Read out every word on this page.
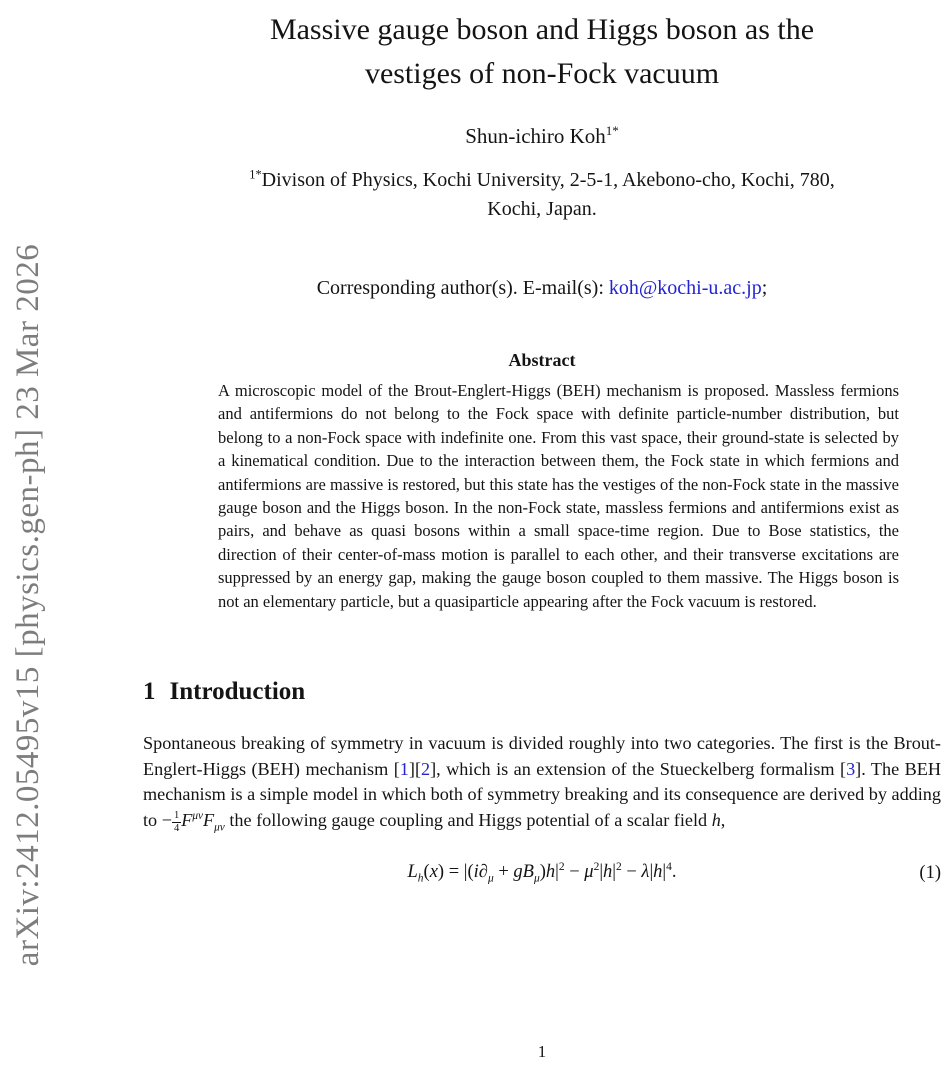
arXiv:2412.05495v15 [physics.gen-ph] 23 Mar 2026
Massive gauge boson and Higgs boson as the
vestiges of non-Fock vacuum
Shun-ichiro Koh$^{1*}$
$^{1*}$Divison of Physics, Kochi University, 2-5-1, Akebono-cho, Kochi, 780,
Kochi, Japan.
Corresponding author(s). E-mail(s): koh@kochi-u.ac.jp;
Abstract
A microscopic model of the Brout-Englert-Higgs (BEH) mechanism is proposed. Massless fermions and antifermions do not belong to the Fock space with definite particle-number distribution, but belong to a non-Fock space with indefinite one. From this vast space, their ground-state is selected by a kinematical condition. Due to the interaction between them, the Fock state in which fermions and antifermions are massive is restored, but this state has the vestiges of the non-Fock state in the massive gauge boson and the Higgs boson. In the non-Fock state, massless fermions and antifermions exist as pairs, and behave as quasi bosons within a small space-time region. Due to Bose statistics, the direction of their center-of-mass motion is parallel to each other, and their transverse excitations are suppressed by an energy gap, making the gauge boson coupled to them massive. The Higgs boson is not an elementary particle, but a quasiparticle appearing after the Fock vacuum is restored.
1 Introduction
Spontaneous breaking of symmetry in vacuum is divided roughly into two categories. The first is the Brout-Englert-Higgs (BEH) mechanism [1][2], which is an extension of the Stueckelberg formalism [3]. The BEH mechanism is a simple model in which both of symmetry breaking and its consequence are derived by adding to − $\frac{1}{4} F^{\mu\nu}F_{\mu\nu}$ the following gauge coupling and Higgs potential of a scalar field h,
$L_h(x) = |(i\partial_\mu + gB_\mu)h|^2 - \mu^2|h|^2 - \lambda|h|^4$.	(1)
1
